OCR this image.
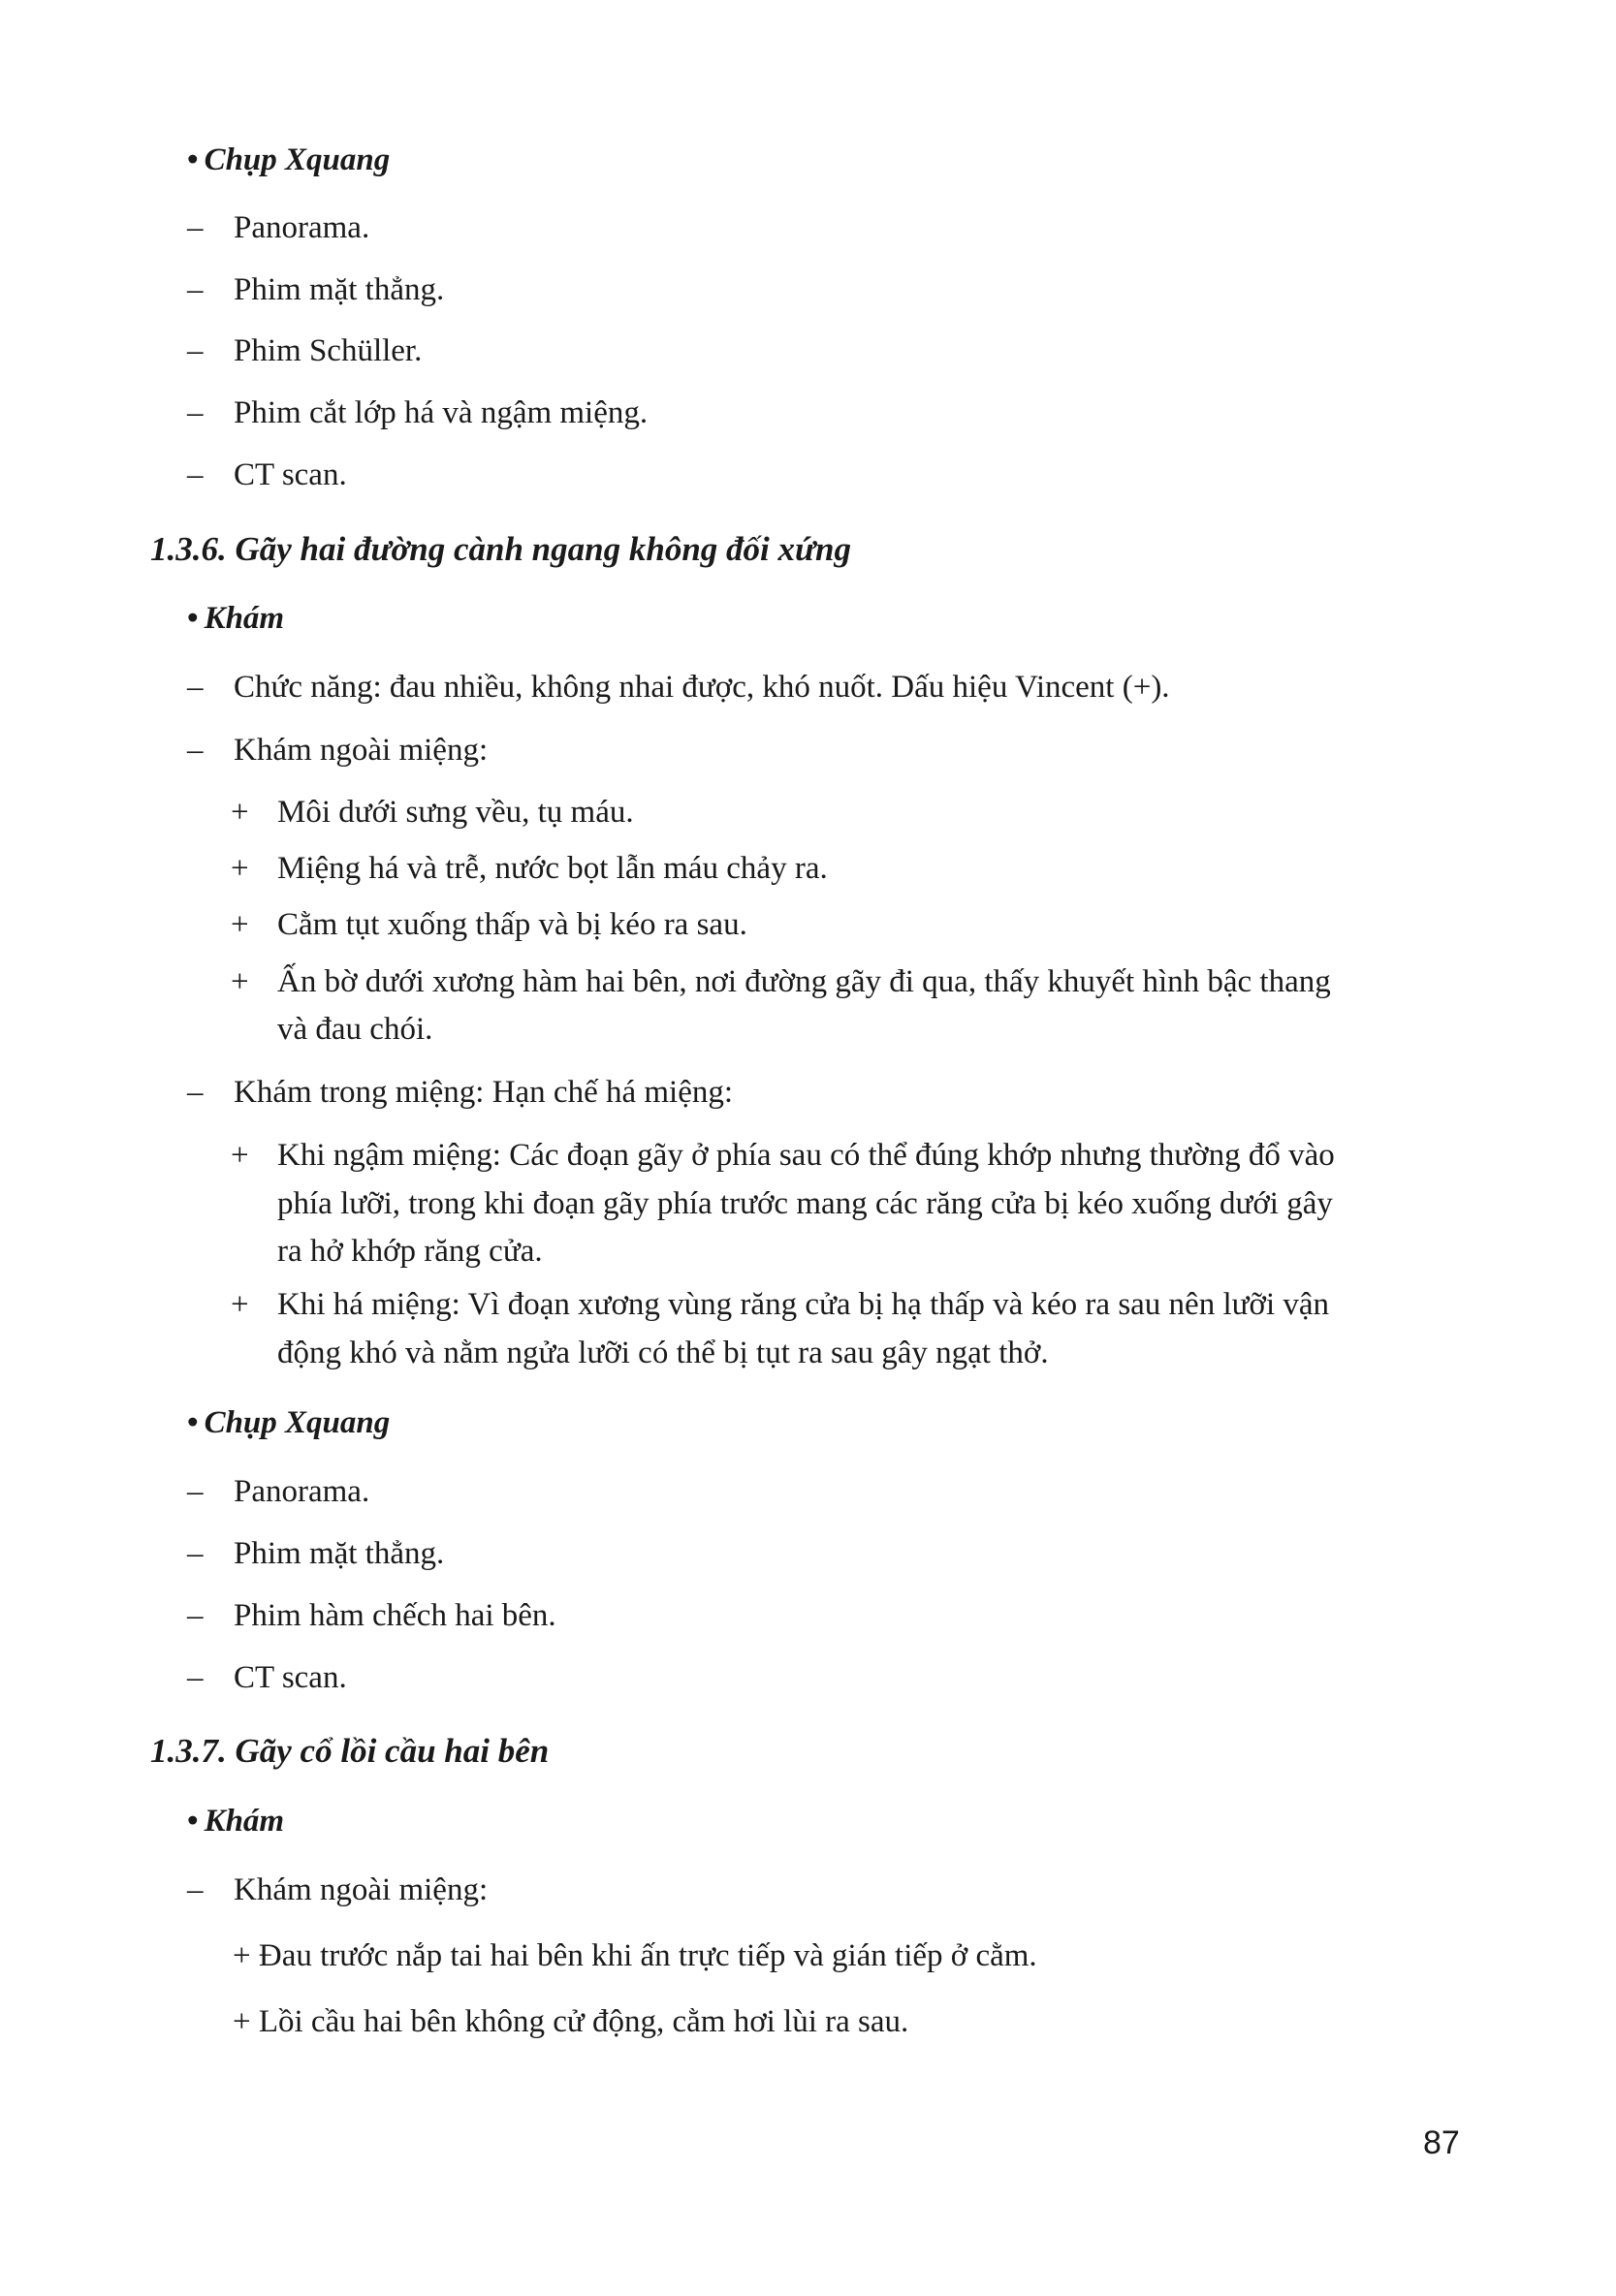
• Chụp Xquang
– Panorama.
– Phim mặt thẳng.
– Phim Schüller.
– Phim cắt lớp há và ngậm miệng.
– CT scan.
1.3.6. Gãy hai đường cành ngang không đối xứng
• Khám
– Chức năng: đau nhiều, không nhai được, khó nuốt. Dấu hiệu Vincent (+).
– Khám ngoài miệng:
+ Môi dưới sưng vều, tụ máu.
+ Miệng há và trễ, nước bọt lẫn máu chảy ra.
+ Cằm tụt xuống thấp và bị kéo ra sau.
+ Ấn bờ dưới xương hàm hai bên, nơi đường gãy đi qua, thấy khuyết hình bậc thang
và đau chói.
– Khám trong miệng: Hạn chế há miệng:
+ Khi ngậm miệng: Các đoạn gãy ở phía sau có thể đúng khớp nhưng thường đổ vào
phía lưỡi, trong khi đoạn gãy phía trước mang các răng cửa bị kéo xuống dưới gây
ra hở khớp răng cửa.
+ Khi há miệng: Vì đoạn xương vùng răng cửa bị hạ thấp và kéo ra sau nên lưỡi vận
động khó và nằm ngửa lưỡi có thể bị tụt ra sau gây ngạt thở.
• Chụp Xquang
– Panorama.
– Phim mặt thẳng.
– Phim hàm chếch hai bên.
– CT scan.
1.3.7. Gãy cổ lồi cầu hai bên
• Khám
– Khám ngoài miệng:
+ Đau trước nắp tai hai bên khi ấn trực tiếp và gián tiếp ở cằm.
+ Lồi cầu hai bên không cử động, cằm hơi lùi ra sau.
87
